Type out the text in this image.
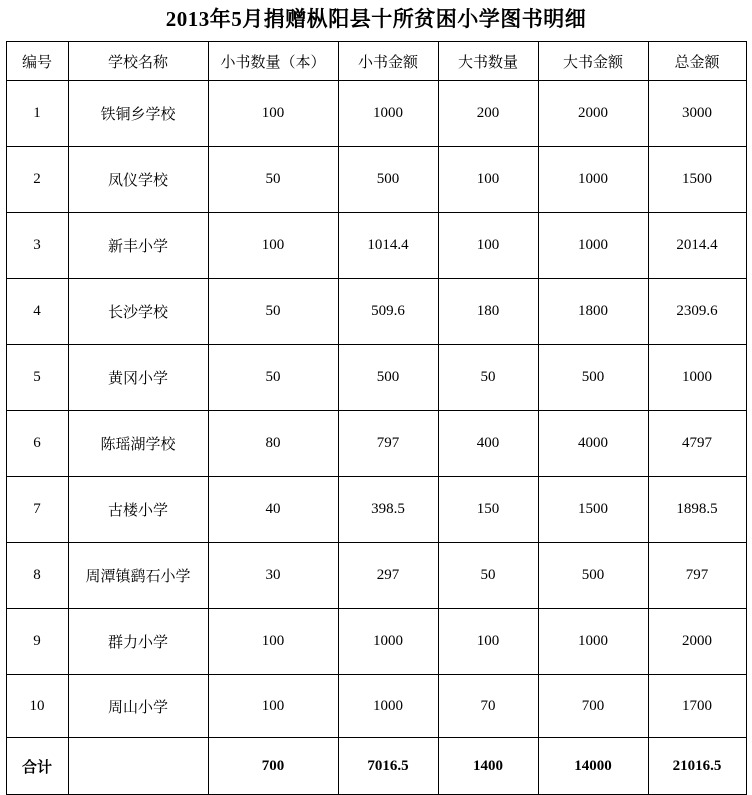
2013年5月捐赠枞阳县十所贫困小学图书明细
编号	学校名称	小书数量（本）	小书金额	大书数量	大书金额	总金额
1	铁铜乡学校	100	1000	200	2000	3000
2	凤仪学校	50	500	100	1000	1500
3	新丰小学	100	1014.4	100	1000	2014.4
4	长沙学校	50	509.6	180	1800	2309.6
5	黄冈小学	50	500	50	500	1000
6	陈瑶湖学校	80	797	400	4000	4797
7	古楼小学	40	398.5	150	1500	1898.5
8	周潭镇鹞石小学	30	297	50	500	797
9	群力小学	100	1000	100	1000	2000
10	周山小学	100	1000	70	700	1700
合计		700	7016.5	1400	14000	21016.5
